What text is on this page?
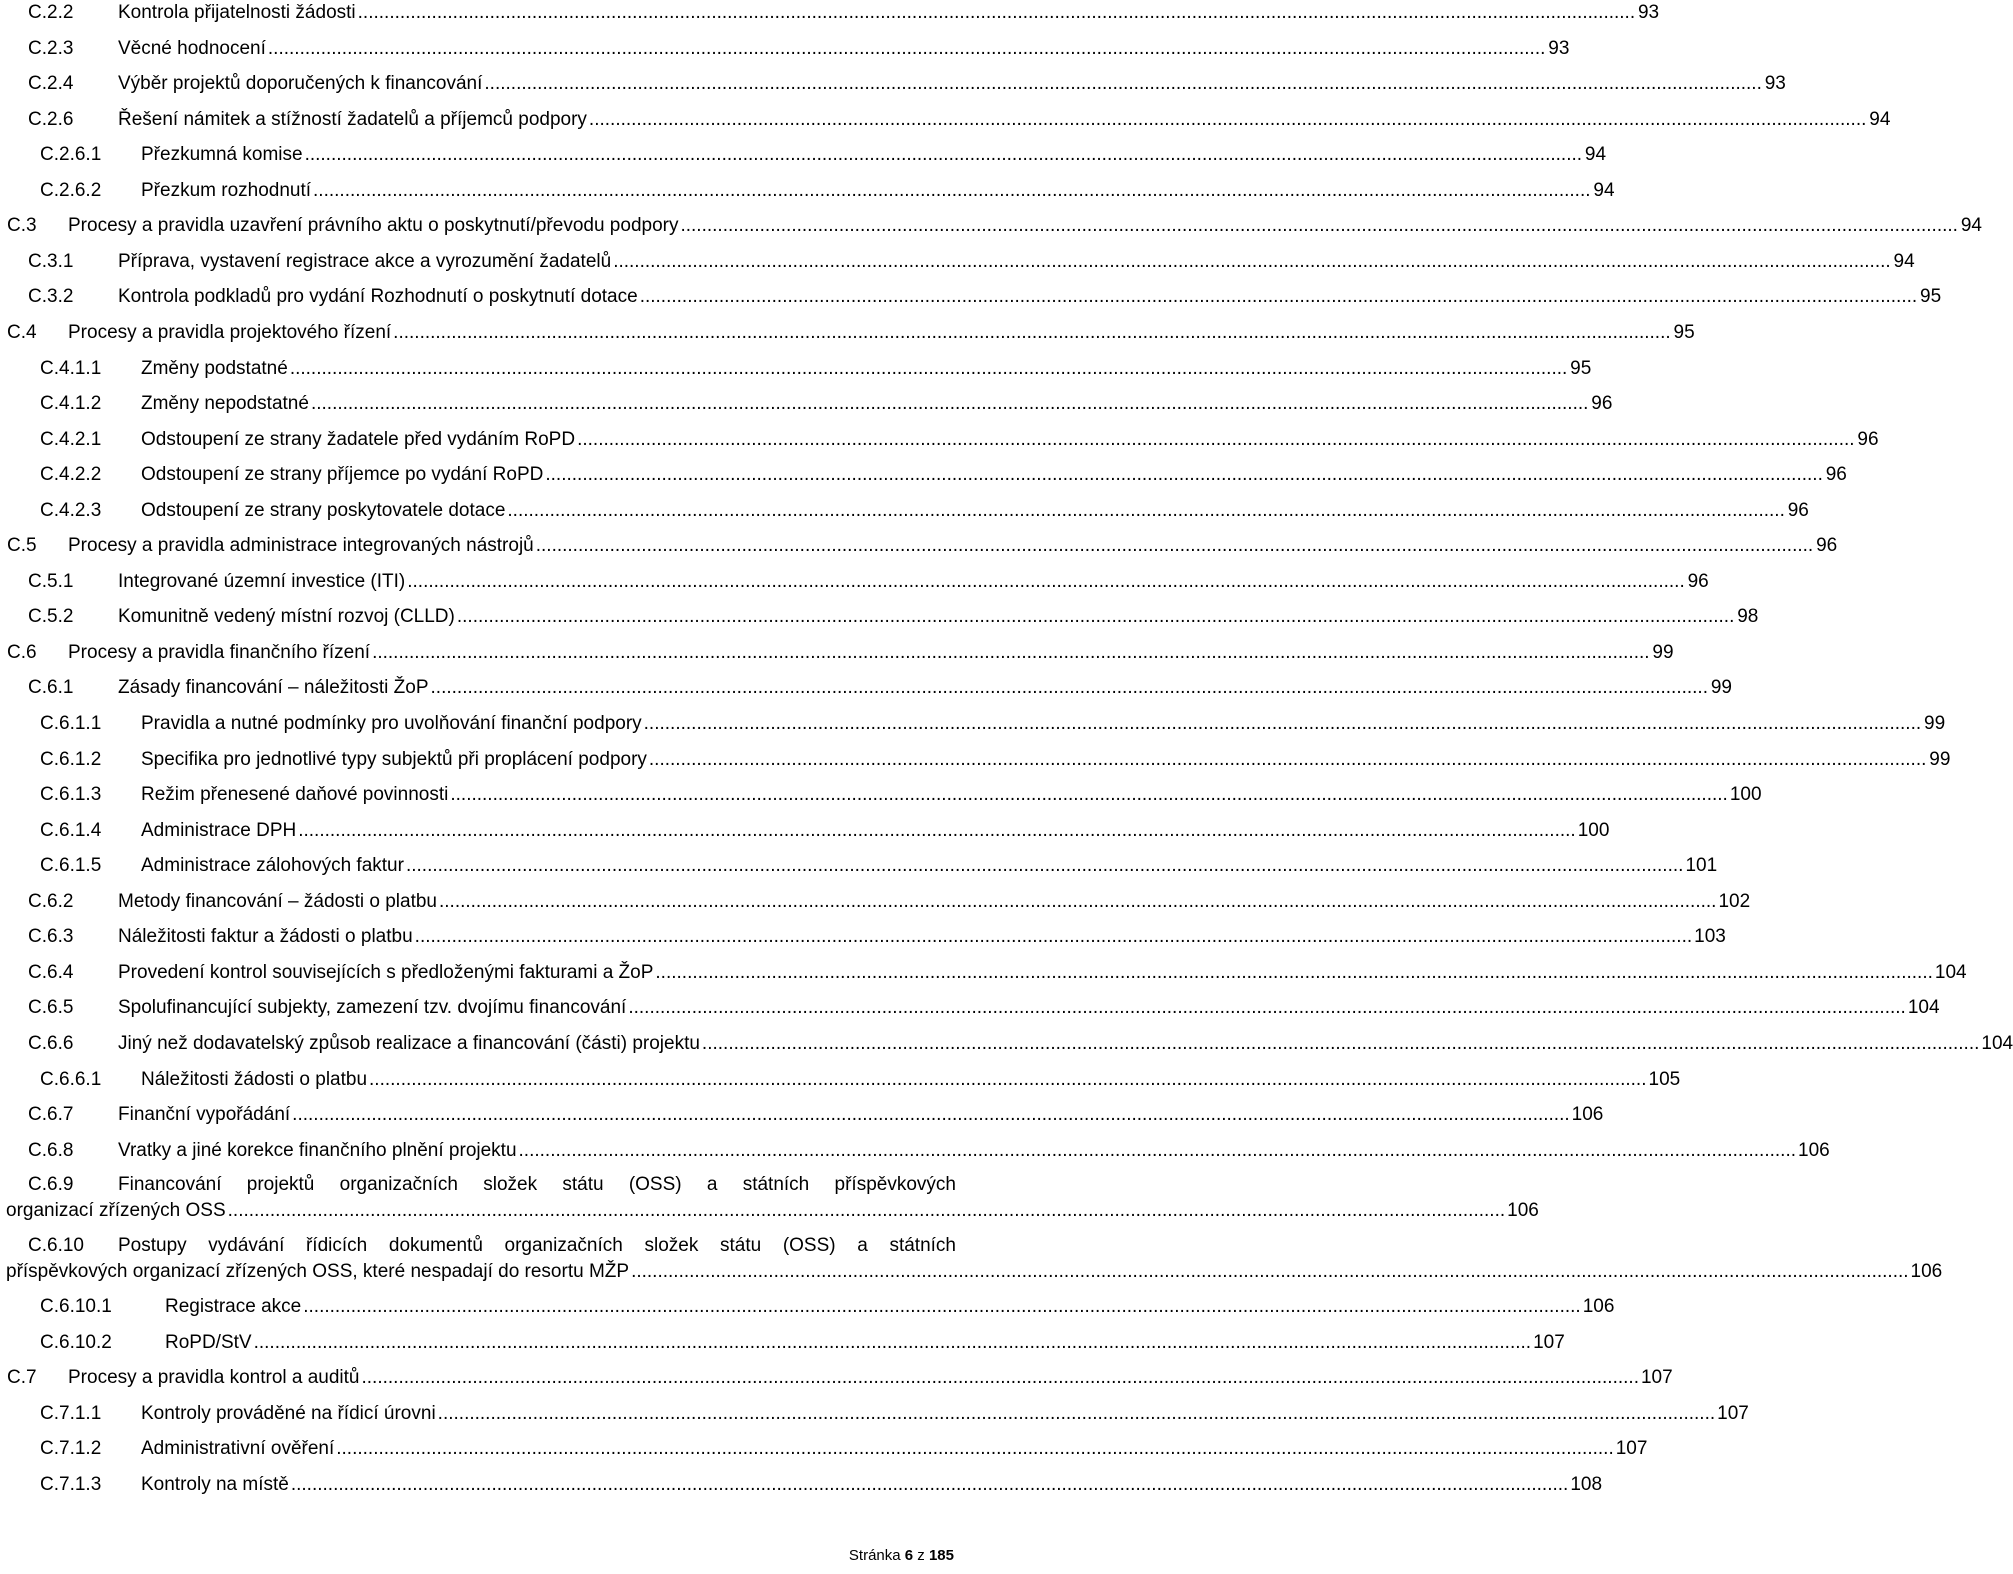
C.2.2	Kontrola přijatelnosti žádosti .....	93
C.2.3	Věcné hodnocení .....	93
C.2.4	Výběr projektů doporučených k financování .....	93
C.2.6	Řešení námitek a stížností žadatelů a příjemců podpory .....	94
C.2.6.1	Přezkumná komise .....	94
C.2.6.2	Přezkum rozhodnutí .....	94
C.3	Procesy a pravidla uzavření právního aktu o poskytnutí/převodu podpory .....	94
C.3.1	Příprava, vystavení registrace akce a vyrozumění žadatelů .....	94
C.3.2	Kontrola podkladů pro vydání Rozhodnutí o poskytnutí dotace .....	95
C.4	Procesy a pravidla projektového řízení .....	95
C.4.1.1	Změny podstatné .....	95
C.4.1.2	Změny nepodstatné .....	96
C.4.2.1	Odstoupení ze strany žadatele před vydáním RoPD .....	96
C.4.2.2	Odstoupení ze strany příjemce po vydání RoPD .....	96
C.4.2.3	Odstoupení ze strany poskytovatele dotace .....	96
C.5	Procesy a pravidla administrace integrovaných nástrojů .....	96
C.5.1	Integrované územní investice (ITI) .....	96
C.5.2	Komunitně vedený místní rozvoj (CLLD) .....	98
C.6	Procesy a pravidla finančního řízení .....	99
C.6.1	Zásady financování – náležitosti ŽoP .....	99
C.6.1.1	Pravidla a nutné podmínky pro uvolňování finanční podpory .....	99
C.6.1.2	Specifika pro jednotlivé typy subjektů při proplácení podpory .....	99
C.6.1.3	Režim přenesené daňové povinnosti .....	100
C.6.1.4	Administrace DPH .....	100
C.6.1.5	Administrace zálohových faktur .....	101
C.6.2	Metody financování – žádosti o platbu .....	102
C.6.3	Náležitosti faktur a žádosti o platbu .....	103
C.6.4	Provedení kontrol souvisejících s předloženými fakturami a ŽoP .....	104
C.6.5	Spolufinancující subjekty, zamezení tzv. dvojímu financování .....	104
C.6.6	Jiný než dodavatelský způsob realizace a financování (části) projektu .....	104
C.6.6.1	Náležitosti žádosti o platbu .....	105
C.6.7	Finanční vypořádání .....	106
C.6.8	Vratky a jiné korekce finančního plnění projektu .....	106
C.6.9	Financování projektů organizačních složek státu (OSS) a státních příspěvkových
organizací zřízených OSS .....	106
C.6.10	Postupy vydávání řídicích dokumentů organizačních složek státu (OSS) a státních
příspěvkových organizací zřízených OSS, které nespadají do resortu MŽP .....	106
C.6.10.1	Registrace akce .....	106
C.6.10.2	RoPD/StV .....	107
C.7	Procesy a pravidla kontrol a auditů .....	107
C.7.1.1	Kontroly prováděné na řídicí úrovni .....	107
C.7.1.2	Administrativní ověření .....	107
C.7.1.3	Kontroly na místě .....	108
Stránka 6 z 185
